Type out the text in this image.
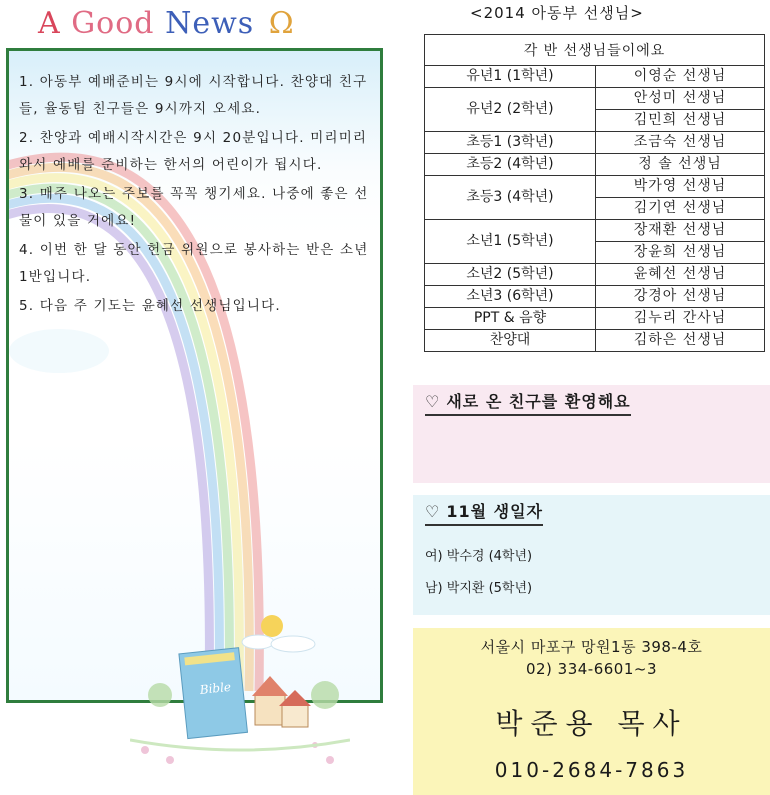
A Good News Ω
1. 아동부 예배준비는 9시에 시작합니다. 찬양대 친구들, 율동팀 친구들은 9시까지 오세요.
2. 찬양과 예배시작시간은 9시 20분입니다. 미리미리 와서 예배를 준비하는 한서의 어린이가 됩시다.
3. 매주 나오는 주보를 꼭꼭 챙기세요. 나중에 좋은 선물이 있을 거에요!
4. 이번 한 달 동안 헌금 위원으로 봉사하는 반은 소년 1반입니다.
5. 다음 주 기도는 윤혜선 선생님입니다.
Bible
<2014 아동부 선생님>
각 반 선생님들이에요	
유년1 (1학년)	이영순 선생님
유년2 (2학년)	안성미 선생님
	김민희 선생님
초등1 (3학년)	조금숙 선생님
초등2 (4학년)	정 솔 선생님
초등3 (4학년)	박가영 선생님
	김기연 선생님
소년1 (5학년)	장재환 선생님
	장윤희 선생님
소년2 (5학년)	윤혜선 선생님
소년3 (6학년)	강경아 선생님
PPT & 음향	김누리 간사님
찬양대	김하은 선생님
♡ 새로 온 친구를 환영해요
♡ 11월 생일자
여) 박수경 (4학년)
남) 박지환 (5학년)
서울시 마포구 망원1동 398-4호
02) 334-6601~3
박준용 목사
010-2684-7863
